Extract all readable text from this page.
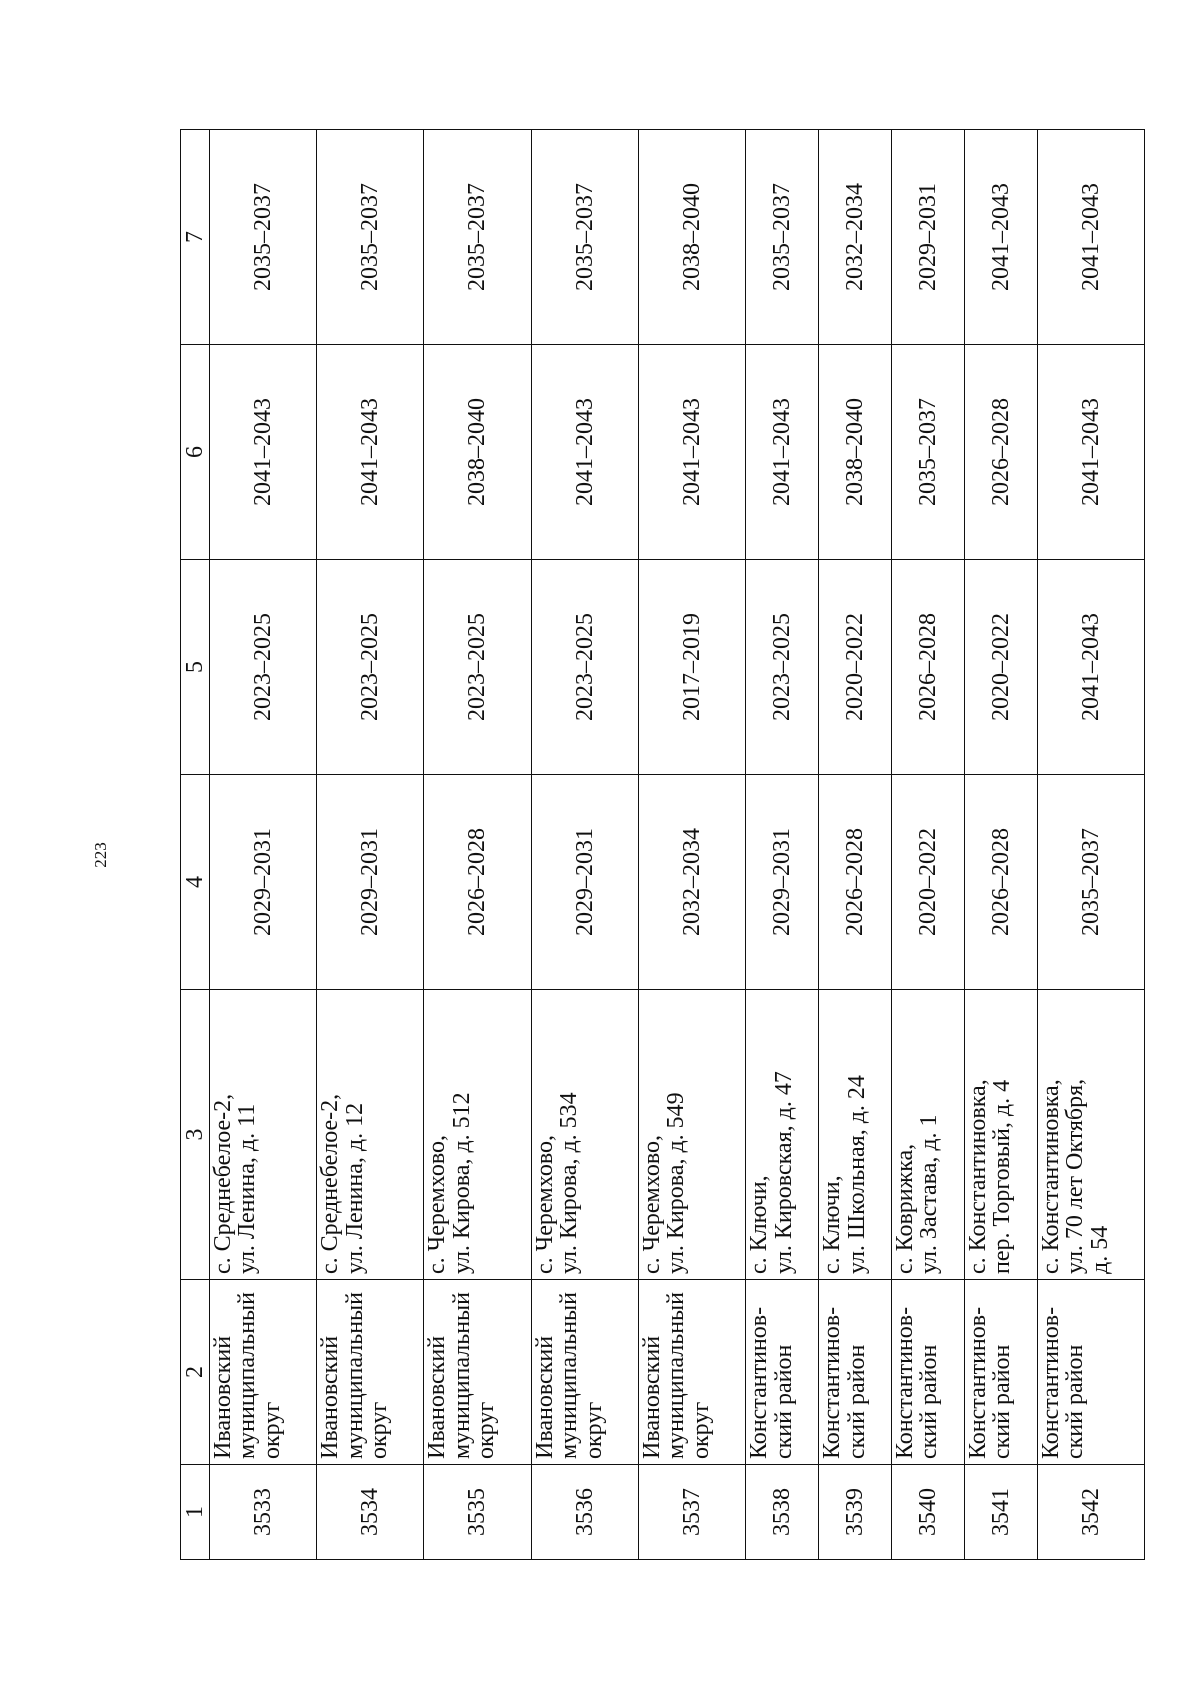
223
1	2	3	4	5	6	7
3533	Ивановский муниципальный округ	с. Среднебелое-2,
ул. Ленина, д. 11	2029–2031	2023–2025	2041–2043	2035–2037
3534	Ивановский муниципальный округ	с. Среднебелое-2,
ул. Ленина, д. 12	2029–2031	2023–2025	2041–2043	2035–2037
3535	Ивановский муниципальный округ	с. Черемхово,
ул. Кирова, д. 512	2026–2028	2023–2025	2038–2040	2035–2037
3536	Ивановский муниципальный округ	с. Черемхово,
ул. Кирова, д. 534	2029–2031	2023–2025	2041–2043	2035–2037
3537	Ивановский муниципальный округ	с. Черемхово,
ул. Кирова, д. 549	2032–2034	2017–2019	2041–2043	2038–2040
3538	Константинов-ский район	с. Ключи,
ул. Кировская, д. 47	2029–2031	2023–2025	2041–2043	2035–2037
3539	Константинов-ский район	с. Ключи,
ул. Школьная, д. 24	2026–2028	2020–2022	2038–2040	2032–2034
3540	Константинов-ский район	с. Коврижка,
ул. Застава, д. 1	2020–2022	2026–2028	2035–2037	2029–2031
3541	Константинов-ский район	с. Константиновка,
пер. Торговый, д. 4	2026–2028	2020–2022	2026–2028	2041–2043
3542	Константинов-ский район	с. Константиновка,
ул. 70 лет Октября,
д. 54	2035–2037	2041–2043	2041–2043	2041–2043
